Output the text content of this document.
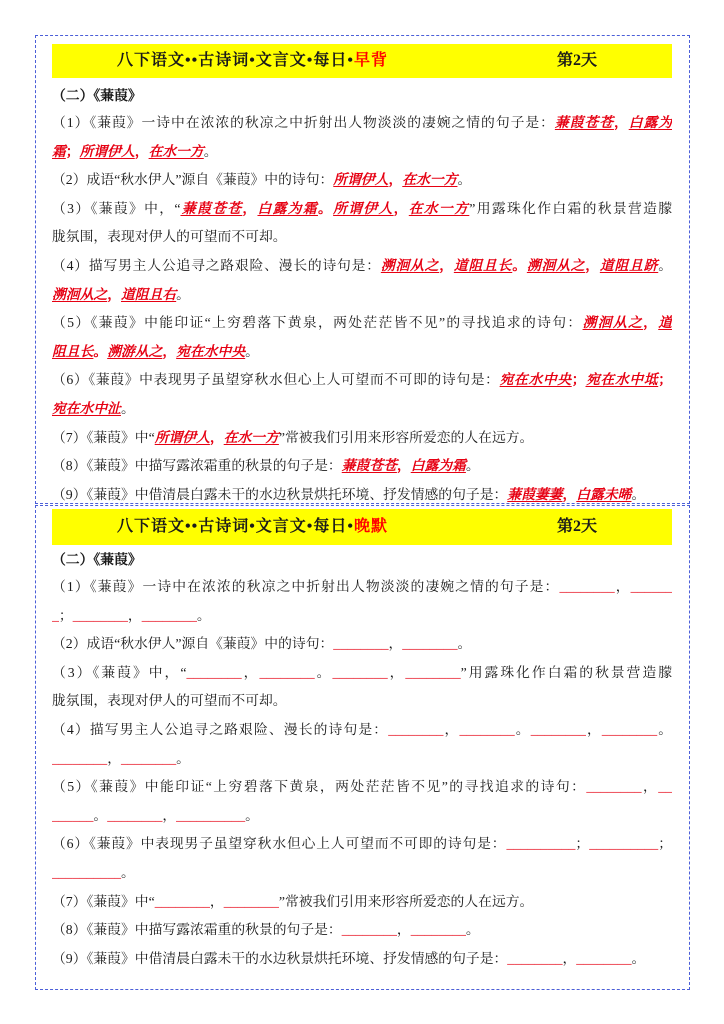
八下语文••古诗词•文言文•每日•早背	第2天
（二）《蒹葭》
（1）《蒹葭》一诗中在浓浓的秋凉之中折射出人物淡淡的凄婉之情的句子是：蒹葭苍苍，白露为
霜；所谓伊人，在水一方。
（2）成语“秋水伊人”源自《蒹葭》中的诗句：所谓伊人，在水一方。
（3）《蒹葭》中，“蒹葭苍苍，白露为霜。所谓伊人，在水一方”用露珠化作白霜的秋景营造朦
胧氛围，表现对伊人的可望而不可却。
（4）描写男主人公追寻之路艰险、漫长的诗句是：溯洄从之，道阻且长。溯洄从之，道阻且跻。
溯洄从之，道阻且右。
（5）《蒹葭》中能印证“上穷碧落下黄泉，两处茫茫皆不见”的寻找追求的诗句：溯洄从之，道
阻且长。溯游从之，宛在水中央。
（6）《蒹葭》中表现男子虽望穿秋水但心上人可望而不可即的诗句是：宛在水中央；宛在水中坻；
宛在水中沚。
（7）《蒹葭》中“所谓伊人，在水一方”常被我们引用来形容所爱恋的人在远方。
（8）《蒹葭》中描写露浓霜重的秋景的句子是：蒹葭苍苍，白露为霜。
（9）《蒹葭》中借清晨白露未干的水边秋景烘托环境、抒发情感的句子是：蒹葭萋萋，白露未晞。
八下语文••古诗词•文言文•每日•晚默	第2天
（二）《蒹葭》
（1）《蒹葭》一诗中在浓浓的秋凉之中折射出人物淡淡的凄婉之情的句子是：________，______
_；________，________。
（2）成语“秋水伊人”源自《蒹葭》中的诗句：________，________。
（3）《蒹葭》中，“________，________。________，________”用露珠化作白霜的秋景营造朦
胧氛围，表现对伊人的可望而不可却。
（4）描写男主人公追寻之路艰险、漫长的诗句是：________，________。________，________。
________，________。
（5）《蒹葭》中能印证“上穷碧落下黄泉，两处茫茫皆不见”的寻找追求的诗句：________，__
______。________，__________。
（6）《蒹葭》中表现男子虽望穿秋水但心上人可望而不可即的诗句是：__________；__________；
__________。
（7）《蒹葭》中“________，________”常被我们引用来形容所爱恋的人在远方。
（8）《蒹葭》中描写露浓霜重的秋景的句子是：________，________。
（9）《蒹葭》中借清晨白露未干的水边秋景烘托环境、抒发情感的句子是：________，________。
